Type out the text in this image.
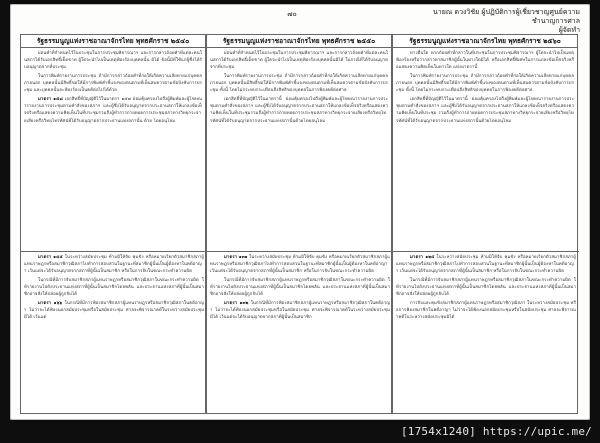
๗๐	นายณ ดวงวิชัย ผู้ปฏิบัติการผู้เชี่ยวชาญศูนย์ความชำนาญการศาล
ผู้จัดทำ
รัฐธรรมนูญแห่งราชอาณาจักรไทย พุทธศักราช ๒๕๔๐

ผ่อนคำที่กำหนดไว้ในประชุมในการประชุมพิจารณาฯ และการกล่าวถ้อยคำที่แต่ละคนในสภาได้รับเอกสิทธิ์เด็ดขาด ผู้ใดจะนำไปเป็นเหตุฟ้องร้องบุคคลนั้น มิได้ ข้อนี้มีที่ใช้แก่ผู้ซึ่งได้รับอนุญาตจากที่ประชุม

ในการพิมพ์รายงานการประชุม ถ้ามีการกล่าวถ้อยคำที่ก่อให้เกิดความเสียหายแก่บุคคลภายนอก บุคคลนั้นมีสิทธิ์ขอให้มีการพิมพ์คำชี้แจงของตนตามที่เห็นสมควรตามข้อบังคับการประชุม และบุคคลนั้นจะฟ้องร้องเป็นคดีต่อไปได้ด้วย

มาตรา ๑๕๘ เอกสิทธิ์ที่บัญญัติไว้ในมาตรา ๑๕๗ ย่อมคุ้มครองไปถึงผู้พิมพ์และผู้โฆษณารายงานการประชุมตามคำสั่งของสภาฯ และผู้ซึ่งได้รับอนุญาตจากประธานสภาให้แถลงข้อเท็จจริงหรือแสดงความคิดเห็นในที่ประชุมรวมถึงผู้ทำการถ่ายทอดการประชุมสภาทางวิทยุกระจายเสียงหรือวิทยุโทรทัศน์ที่ได้รับอนุญาตจากประธานแห่งสภานั้น ด้วย โดยอนุโลม

มาตรา ๑๔๕ ในระหว่างสมัยประชุม ห้ามมิให้จับ คุมขัง หรือหมายเรียกตัวสมาชิกสภาผู้แทนราษฎรหรือสมาชิกวุฒิสภาไปทำการสอบสวนในฐานะที่สมาชิกผู้นั้นเป็นผู้ต้องหาในคดีอาญา เว้นแต่จะได้รับอนุญาตจากสภาที่ผู้นั้นเป็นสมาชิก หรือในการจับในขณะกระทำความผิด

ในกรณีที่มีการจับสมาชิกสภาผู้แทนราษฎรหรือสมาชิกวุฒิสภาในขณะกระทำความผิด ให้รายงานไปยังประธานแห่งสภาที่ผู้นั้นเป็นสมาชิกโดยพลัน และประธานแห่งสภาที่ผู้นั้นเป็นสมาชิกอาจสั่งให้ปล่อยผู้ถูกจับได้

มาตรา ๑๖๖ ในกรณีที่มีการฟ้องสมาชิกสภาผู้แทนราษฎรหรือสมาชิกวุฒิสภาในคดีอาญา ไม่ว่าจะได้ฟ้องนอกสมัยประชุมหรือในสมัยประชุม ศาลจะพิจารณาคดีในระหว่างสมัยประชุมมิได้ เว้นแต่

รัฐธรรมนูญแห่งราชอาณาจักรไทย พุทธศักราช ๒๕๕๐

ผ่อนคำที่กำหนดไว้ในประชุมในการประชุมพิจารณาฯ และการกล่าวถ้อยคำที่แต่ละคนในสภาได้รับเอกสิทธิ์เด็ดขาด ผู้ใดจะนำไปเป็นเหตุฟ้องร้องบุคคลนั้นมิได้ ในกรณีที่ได้รับอนุญาตจากที่ประชุม

ในการพิมพ์รายงานการประชุม ถ้ามีการกล่าวถ้อยคำที่ก่อให้เกิดความเสียหายแก่บุคคลภายนอก บุคคลนั้นมีสิทธิ์ขอให้มีการพิมพ์คำชี้แจงของตนตามที่เห็นสมควรตามข้อบังคับการประชุม ทั้งนี้ โดยไม่กระทบกระเทือนถึงสิทธิของบุคคลในการฟ้องคดีต่อศาล

เอกสิทธิ์ที่บัญญัติไว้ในมาตรานี้ ย่อมคุ้มครองไปถึงผู้พิมพ์และผู้โฆษณารายงานการประชุมตามคำสั่งของสภาฯ และผู้ซึ่งได้รับอนุญาตจากประธานสภาให้แถลงข้อเท็จจริงหรือแสดงความคิดเห็นในที่ประชุมรวมถึงผู้ทำการถ่ายทอดการประชุมสภาทางวิทยุกระจายเสียงหรือวิทยุโทรทัศน์ที่ได้รับอนุญาตจากประธานแห่งสภานั้นด้วยโดยอนุโลม

มาตรา ๑๓๑ ในระหว่างสมัยประชุม ห้ามมิให้จับ คุมขัง หรือหมายเรียกตัวสมาชิกสภาผู้แทนราษฎรหรือสมาชิกวุฒิสภาไปทำการสอบสวนในฐานะที่สมาชิกผู้นั้นเป็นผู้ต้องหาในคดีอาญา เว้นแต่จะได้รับอนุญาตจากสภาที่ผู้นั้นเป็นสมาชิก หรือในการจับในขณะกระทำความผิด

ในกรณีที่มีการจับสมาชิกสภาผู้แทนราษฎรหรือสมาชิกวุฒิสภาในขณะกระทำความผิด ให้รายงานไปยังประธานแห่งสภาที่ผู้นั้นเป็นสมาชิกโดยพลัน และประธานแห่งสภาที่ผู้นั้นเป็นสมาชิกอาจสั่งให้ปล่อยผู้ถูกจับได้

มาตรา ๑๓๒ ในกรณีที่มีการฟ้องสมาชิกสภาผู้แทนราษฎรหรือสมาชิกวุฒิสภาในคดีอาญา ไม่ว่าจะได้ฟ้องนอกสมัยประชุมหรือในสมัยประชุม ศาลจะพิจารณาคดีในระหว่างสมัยประชุมมิได้ เว้นแต่จะได้รับอนุญาตจากสภาที่ผู้นั้นเป็นสมาชิก

รัฐธรรมนูญแห่งราชอาณาจักรไทย พุทธศักราช ๒๕๖๐

ทางอื่นใด หากถ้อยคำที่กล่าวในที่ประชุมในการประชุมพิจารณาฯ ผู้ใดจะนำไปเป็นเหตุฟ้องร้องหรือว่ากล่าวหาสมาชิกผู้นั้นในทางใดมิได้ หรือเอกสิทธิ์พิเศษในการแถลงข้อเท็จจริงหรือแสดงความคิดเห็นในทางใด แห่งมาตรานี้

ในการพิมพ์รายงานการประชุม ถ้ามีการกล่าวถ้อยคำที่ก่อให้เกิดความเสียหายแก่บุคคลภายนอก บุคคลนั้นมีสิทธิ์ขอให้มีการพิมพ์คำชี้แจงของตนตามที่เห็นสมควรตามข้อบังคับการประชุม ทั้งนี้ โดยไม่กระทบกระเทือนถึงสิทธิของบุคคลในการฟ้องคดีต่อศาล

เอกสิทธิ์ที่บัญญัติไว้ในมาตรานี้ ย่อมคุ้มครองไปถึงผู้พิมพ์และผู้โฆษณารายงานการประชุมตามคำสั่งของสภาฯ และผู้ซึ่งได้รับอนุญาตจากประธานสภาให้แถลงข้อเท็จจริงหรือแสดงความคิดเห็นในที่ประชุม รวมถึงผู้ทำการถ่ายทอดการประชุมสภาทางวิทยุกระจายเสียงหรือวิทยุโทรทัศน์ที่ได้รับอนุญาตจากประธานแห่งสภานั้นด้วยโดยอนุโลม

มาตรา ๑๒๕ ในระหว่างสมัยประชุม ห้ามมิให้จับ คุมขัง หรือหมายเรียกตัวสมาชิกสภาผู้แทนราษฎรหรือสมาชิกวุฒิสภาไปทำการสอบสวนในฐานะที่สมาชิกผู้นั้นเป็นผู้ต้องหาในคดีอาญา เว้นแต่จะได้รับอนุญาตจากสภาที่ผู้นั้นเป็นสมาชิก หรือในการจับในขณะกระทำความผิด

ในกรณีที่มีการจับสมาชิกสภาผู้แทนราษฎรหรือสมาชิกวุฒิสภาในขณะกระทำความผิด ให้รายงานไปยังประธานแห่งสภาที่ผู้นั้นเป็นสมาชิกโดยพลัน และประธานแห่งสภาที่ผู้นั้นเป็นสมาชิกอาจสั่งให้ปล่อยผู้ถูกจับได้

การจับและคุมขังสมาชิกสภาผู้แทนราษฎรหรือสมาชิกวุฒิสภา ในระหว่างสมัยประชุม หรือการฟ้องสมาชิกในคดีอาญา ไม่ว่าจะได้ฟ้องนอกสมัยประชุมหรือในสมัยประชุม ศาลจะพิจารณาคดีในระหว่างสมัยประชุมมิได้

[1754x1240] https://upic.me/
